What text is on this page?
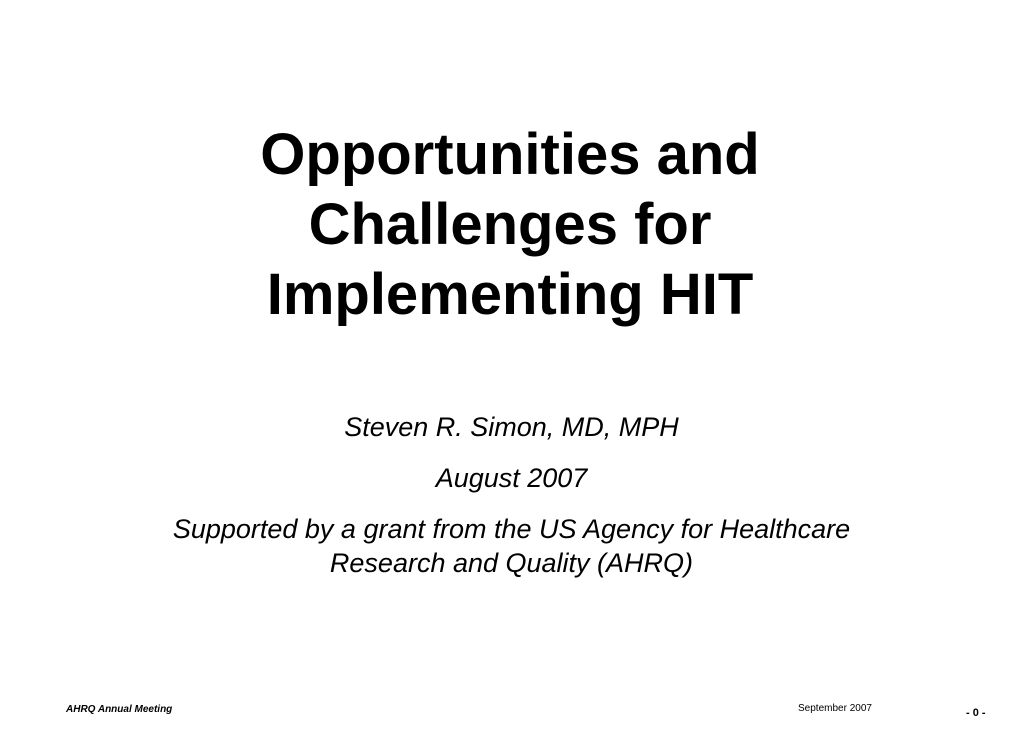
Opportunities and
Challenges for
Implementing HIT
Steven R. Simon, MD, MPH
August 2007
Supported by a grant from the US Agency for Healthcare
Research and Quality (AHRQ)
AHRQ Annual Meeting	September 2007	- 0 -
